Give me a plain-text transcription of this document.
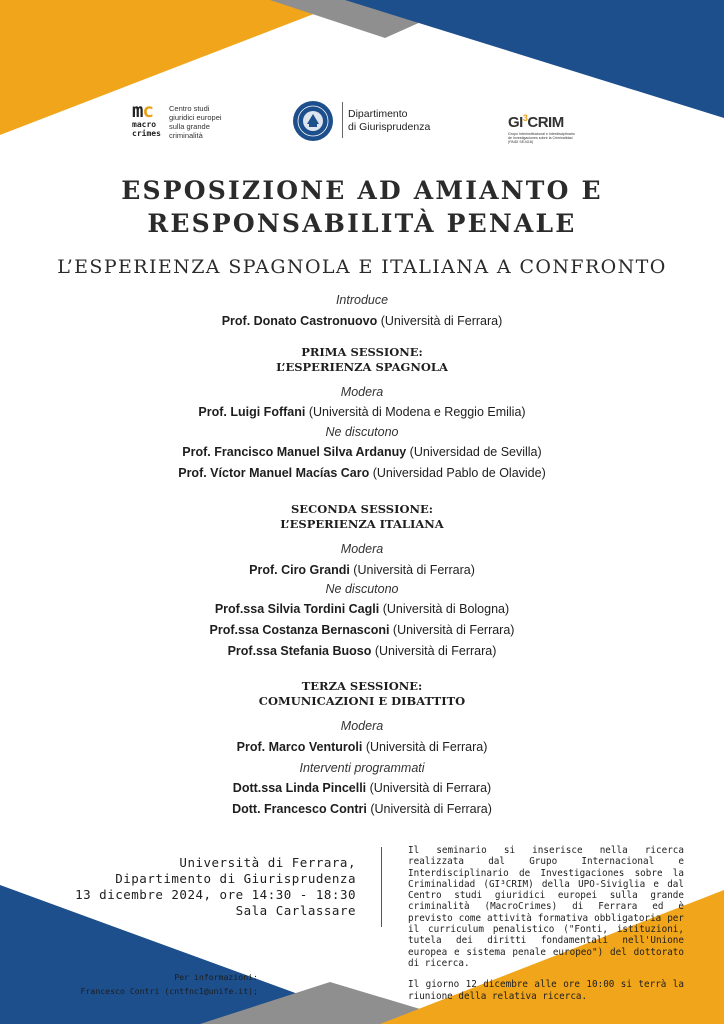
mc
macro
crimes
Centro studi giuridici europei sulla grande criminalità
Dipartimento
di Giurisprudenza	$GI^3CRIM$
Grupo Interinstitucional e Interdisciplinario de Investigaciones sobre la Criminalidad (PAIDI SEJ418)
ESPOSIZIONE AD AMIANTO E
RESPONSABILITÀ PENALE
L’ESPERIENZA SPAGNOLA E ITALIANA A CONFRONTO
Introduce
Prof. Donato Castronuovo (Università di Ferrara)
PRIMA SESSIONE:
L’ESPERIENZA SPAGNOLA
Modera
Prof. Luigi Foffani (Università di Modena e Reggio Emilia)
Ne discutono
Prof. Francisco Manuel Silva Ardanuy (Universidad de Sevilla)
Prof. Víctor Manuel Macías Caro (Universidad Pablo de Olavide)
SECONDA SESSIONE:
L’ESPERIENZA ITALIANA
Modera
Prof. Ciro Grandi (Università di Ferrara)
Ne discutono
Prof.ssa Silvia Tordini Cagli (Università di Bologna)
Prof.ssa Costanza Bernasconi (Università di Ferrara)
Prof.ssa Stefania Buoso (Università di Ferrara)
TERZA SESSIONE:
COMUNICAZIONI E DIBATTITO
Modera
Prof. Marco Venturoli (Università di Ferrara)
Interventi programmati
Dott.ssa Linda Pincelli (Università di Ferrara)
Dott. Francesco Contri (Università di Ferrara)
Università di Ferrara,
Dipartimento di Giurisprudenza
13 dicembre 2024, ore 14:30 - 18:30
Sala Carlassare

Il seminario si inserisce nella ricerca realizzata dal Grupo Internacional e Interdisciplinario de Investigaciones sobre la Criminalidad (GI³CRIM) della UPO-Siviglia e dal Centro studi giuridici europei sulla grande criminalità (MacroCrimes) di Ferrara ed è previsto come attività formativa obbligatoria per il curriculum penalistico ("Fonti, istituzioni, tutela dei diritti fondamentali nell'Unione europea e sistema penale europeo") del dottorato di ricerca.

Il giorno 12 dicembre alle ore 10:00 si terrà la riunione della relativa ricerca.

Per informazioni:
Francesco Contri (cntfnc1@unife.it);
